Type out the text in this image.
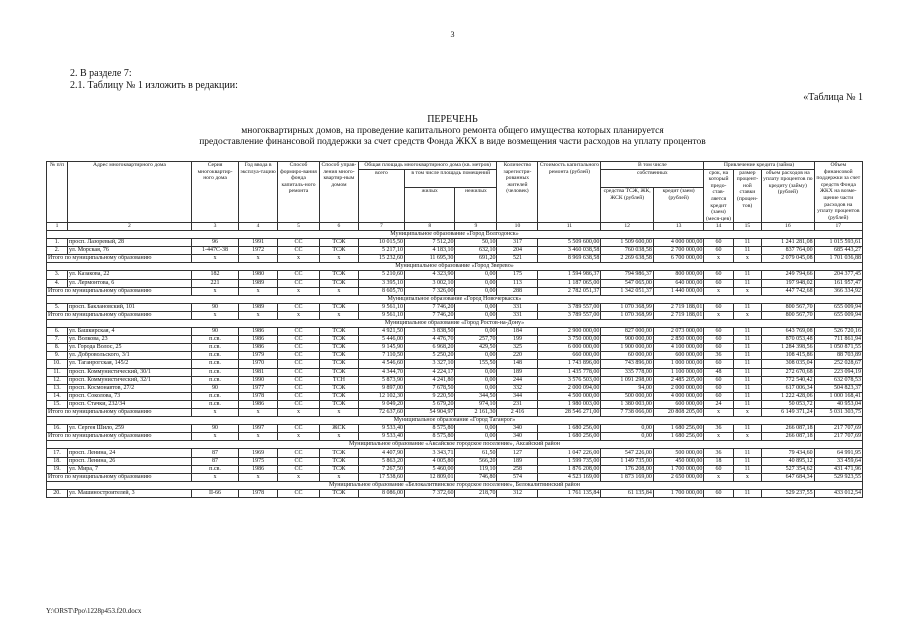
3
2. В разделе 7:
2.1. Таблицу № 1 изложить в редакции:
«Таблица № 1
ПЕРЕЧЕНЬ
многоквартирных домов, на проведение капитального ремонта общего имущества которых планируется
предоставление финансовой поддержки за счет средств Фонда ЖКХ в виде возмещения части расходов на уплату процентов
№ п/п	Адрес многоквартирного дома	Серия многоквартир-ного дома	Год ввода в эксплуа-тацию	Способ формиро-вания фонда капиталь-ного ремонта	Способ управ-ления много-квартир-ным домом	Общая площадь многоквартирного дома (кв. метров)			Количество зарегистри-рованных жителей (человек)	Стоимость капитального ремонта (рублей)	В том числе		Привлечение кредита (займа)			Объем финансовой поддержки за счет средств Фонда ЖКХ на возме-щение части расходов на уплату процентов (рублей)
						всего	в том числе площадь помещений				собственных		срок, на который предо-став-ляется кредит (заем) (меся-цев)	размер процент-ной ставки (процен-тов)	объем расходов на уплату процентов по кредиту (займу) (рублей)	
							жилых	нежилых			средства ТСЖ, ЖК, ЖСК (рублей)	кредит (заем) (рублей)				
1	2	3	4	5	6	7	8	9	10	11	12	13	14	15	16	17
Муниципальное образование «Город Волгодонск»																
1.	просп. Лазоревый, 28	96	1991	СС	ТСЖ	10 015,50	7 512,20	50,10	317	5 509 600,00	1 509 600,00	4 000 000,00	60	11	1 241 281,08	1 015 593,61
2.	ул. Морская, 76	1-447С-38	1972	СС	ТСЖ	5 217,10	4 183,10	632,10	204	3 460 038,58	760 038,58	2 700 000,00	60	11	837 764,00	685 443,27
Итого по муниципальному образованию		x	x	x	x	15 232,60	11 695,30	691,20	521	8 969 638,58	2 269 638,58	6 700 000,00	x	x	2 079 045,08	1 701 036,88
Муниципальное образование «Город Зверево»																
3.	ул. Казакова, 22	182	1980	СС	ТСЖ	5 210,60	4 323,90	0,00	175	1 594 986,37	794 986,37	800 000,00	60	11	249 794,66	204 377,45
4.	ул. Лермонтова, 6	221	1989	СС	ТСЖ	3 395,10	3 002,10	0,00	113	1 187 065,00	547 065,00	640 000,00	60	11	197 948,02	161 957,47
Итого по муниципальному образованию		x	x	x	x	8 605,70	7 326,00	0,00	288	2 782 051,37	1 342 051,37	1 440 000,00	x	x	447 742,68	366 334,92
Муниципальное образование «Город Новочеркасск»																
5.	просп. Баклановский, 101	90	1989	СС	ТСЖ	9 561,10	7 746,20	0,00	331	3 789 557,00	1 070 368,99	2 719 188,01	60	11	800 567,70	655 009,94
Итого по муниципальному образованию		x	x	x	x	9 561,10	7 746,20	0,00	331	3 789 557,00	1 070 368,99	2 719 188,01	x	x	800 567,70	655 009,94
Муниципальное образование «Город Ростов-на-Дону»																
6.	ул. Башкирская, 4	90	1986	СС	ТСЖ	4 921,50	3 838,50	0,00	184	2 900 000,00	827 000,00	2 073 000,00	60	11	643 769,08	526 720,16
7.	ул. Волкова, 23	п.св.	1986	СС	ТСЖ	5 446,00	4 476,70	257,70	199	3 750 000,00	900 000,00	2 850 000,00	60	11	870 053,48	711 861,94
8.	ул. Города Волос, 25	п.св.	1986	СС	ТСЖ	9 145,90	6 968,20	429,50	325	6 000 000,00	1 900 000,00	4 100 000,00	60	11	1 284 398,56	1 050 871,55
9.	ул. Добровольского, 3/1	п.св.	1979	СС	ТСЖ	7 110,50	5 250,20	0,00	220	660 000,00	60 000,00	600 000,00	36	11	108 415,86	88 703,89
10.	ул. Таганрогская, 145/2	п.св.	1970	СС	ТСЖ	4 546,60	3 327,10	155,50	148	1 743 896,00	743 896,00	1 000 000,00	60	11	308 035,04	252 028,67
11.	просп. Коммунистический, 30/1	п.св.	1981	СС	ТСЖ	4 344,70	4 224,17	0,00	189	1 435 778,00	335 778,00	1 100 000,00	48	11	272 670,68	223 094,19
12.	просп. Коммунистический, 32/1	п.св.	1990	СС	ТСН	5 873,90	4 241,80	0,00	244	3 576 503,00	1 091 298,00	2 485 205,00	60	11	772 540,42	632 078,53
13.	просп. Космонавтов, 27/2	90	1977	СС	ТСЖ	9 897,00	7 678,50	0,00	332	2 000 094,00	94,00	2 000 000,00	60	11	617 006,34	504 823,37
14.	просп. Соколова, 73	п.св.	1978	СС	ТСЖ	12 102,30	9 220,50	344,50	344	4 500 000,00	500 000,00	4 000 000,00	60	11	1 222 428,06	1 000 168,41
15.	просп. Стачки, 232/34	п.св.	1986	СС	ТСЖ	9 049,20	5 679,20	974,10	231	1 980 003,00	1 380 003,00	600 000,00	24	11	50 053,72	40 953,04
Итого по муниципальному образованию		x	x	x	x	72 637,60	54 904,97	2 161,30	2 416	28 546 271,00	7 738 066,00	20 808 205,00	x	x	6 149 371,24	5 031 303,75
Муниципальное образование «Город Таганрог»																
16.	ул. Сергея Шило, 259	90	1997	СС	ЖСК	9 533,40	8 575,80	0,00	340	1 680 256,00	0,00	1 680 256,00	36	11	266 087,18	217 707,69
Итого по муниципальному образованию		x	x	x	x	9 533,40	8 575,80	0,00	340	1 680 256,00	0,00	1 680 256,00	x	x	266 087,18	217 707,69
Муниципальное образование «Аксайское городское поселение», Аксайский район																
17.	просп. Ленина, 24	87	1969	СС	ТСЖ	4 407,90	3 343,71	61,50	127	1 047 226,00	547 226,00	500 000,00	36	11	79 434,60	64 991,95
18.	просп. Ленина, 26	87	1975	СС	ТСЖ	5 863,20	4 005,80	566,20	189	1 599 735,00	1 149 735,00	450 000,00	18	11	40 895,12	33 459,64
19.	ул. Мира, 7	п.св.	1986	СС	ТСЖ	7 267,50	5 460,00	119,10	258	1 876 208,00	176 208,00	1 700 000,00	60	11	527 354,62	431 471,96
Итого по муниципальному образованию		x	x	x	x	17 538,60	12 809,01	746,80	574	4 523 169,00	1 873 169,00	2 650 000,00	x	x	647 684,34	529 923,55
Муниципальное образование «Белокалитвинское городское поселение», Белокалитвинский район																
20.	ул. Машиностроителей, 3	II-66	1978	СС	ТСЖ	8 086,00	7 372,60	218,70	312	1 761 135,84	61 135,84	1 700 000,00	60	11	529 237,55	433 012,54
Y:\ORST\Ppo\1228p453.f20.docx
